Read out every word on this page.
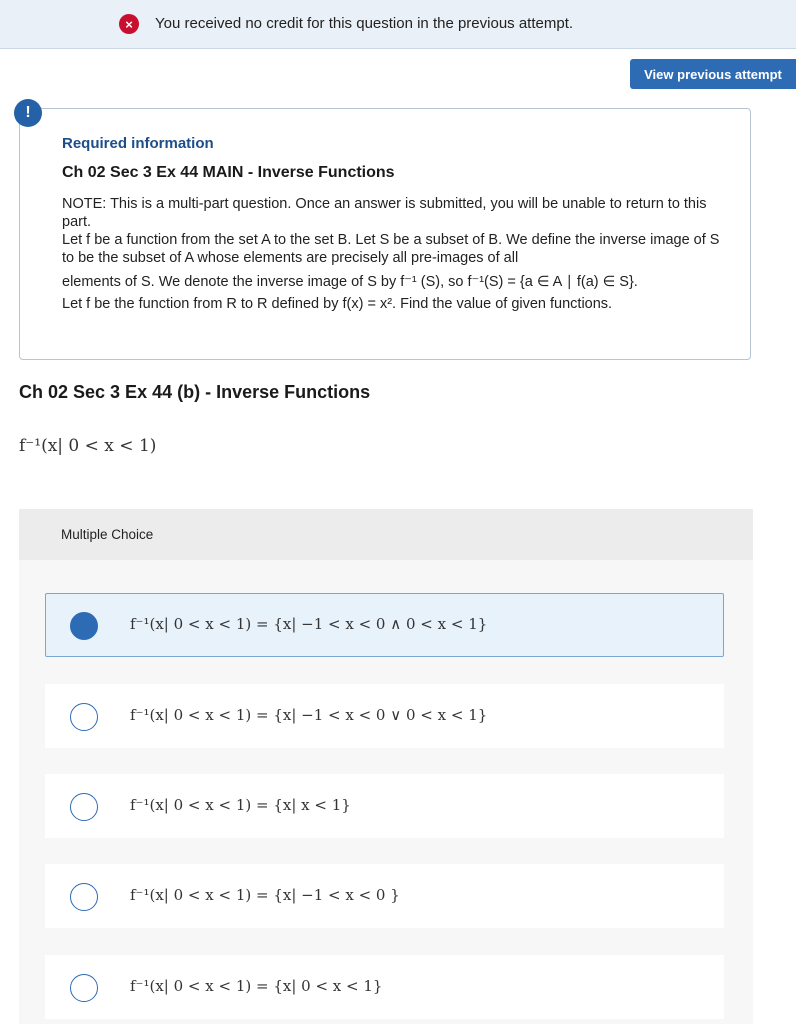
×	You received no credit for this question in the previous attempt.
View previous attempt
Required information
Ch 02 Sec 3 Ex 44 MAIN - Inverse Functions

NOTE: This is a multi-part question. Once an answer is submitted, you will be unable to return to this part.

Let f be a function from the set A to the set B. Let S be a subset of B. We define the inverse image of S to be the subset of A whose elements are precisely all pre-images of all

elements of S. We denote the inverse image of S by f⁻¹ (S), so f⁻¹(S) = {a ∈ A ∣ f(a) ∈ S}.

Let f be the function from R to R defined by f(x) = x². Find the value of given functions.

!
Ch 02 Sec 3 Ex 44 (b) - Inverse Functions
f⁻¹(x| 0 < x < 1)
Multiple Choice
f⁻¹(x| 0 < x < 1) = {x| −1 < x < 0 ∧ 0 < x < 1}
f⁻¹(x| 0 < x < 1) = {x| −1 < x < 0 ∨ 0 < x < 1}
f⁻¹(x| 0 < x < 1) = {x| x < 1}
f⁻¹(x| 0 < x < 1) = {x| −1 < x < 0 }
f⁻¹(x| 0 < x < 1) = {x| 0 < x < 1}
